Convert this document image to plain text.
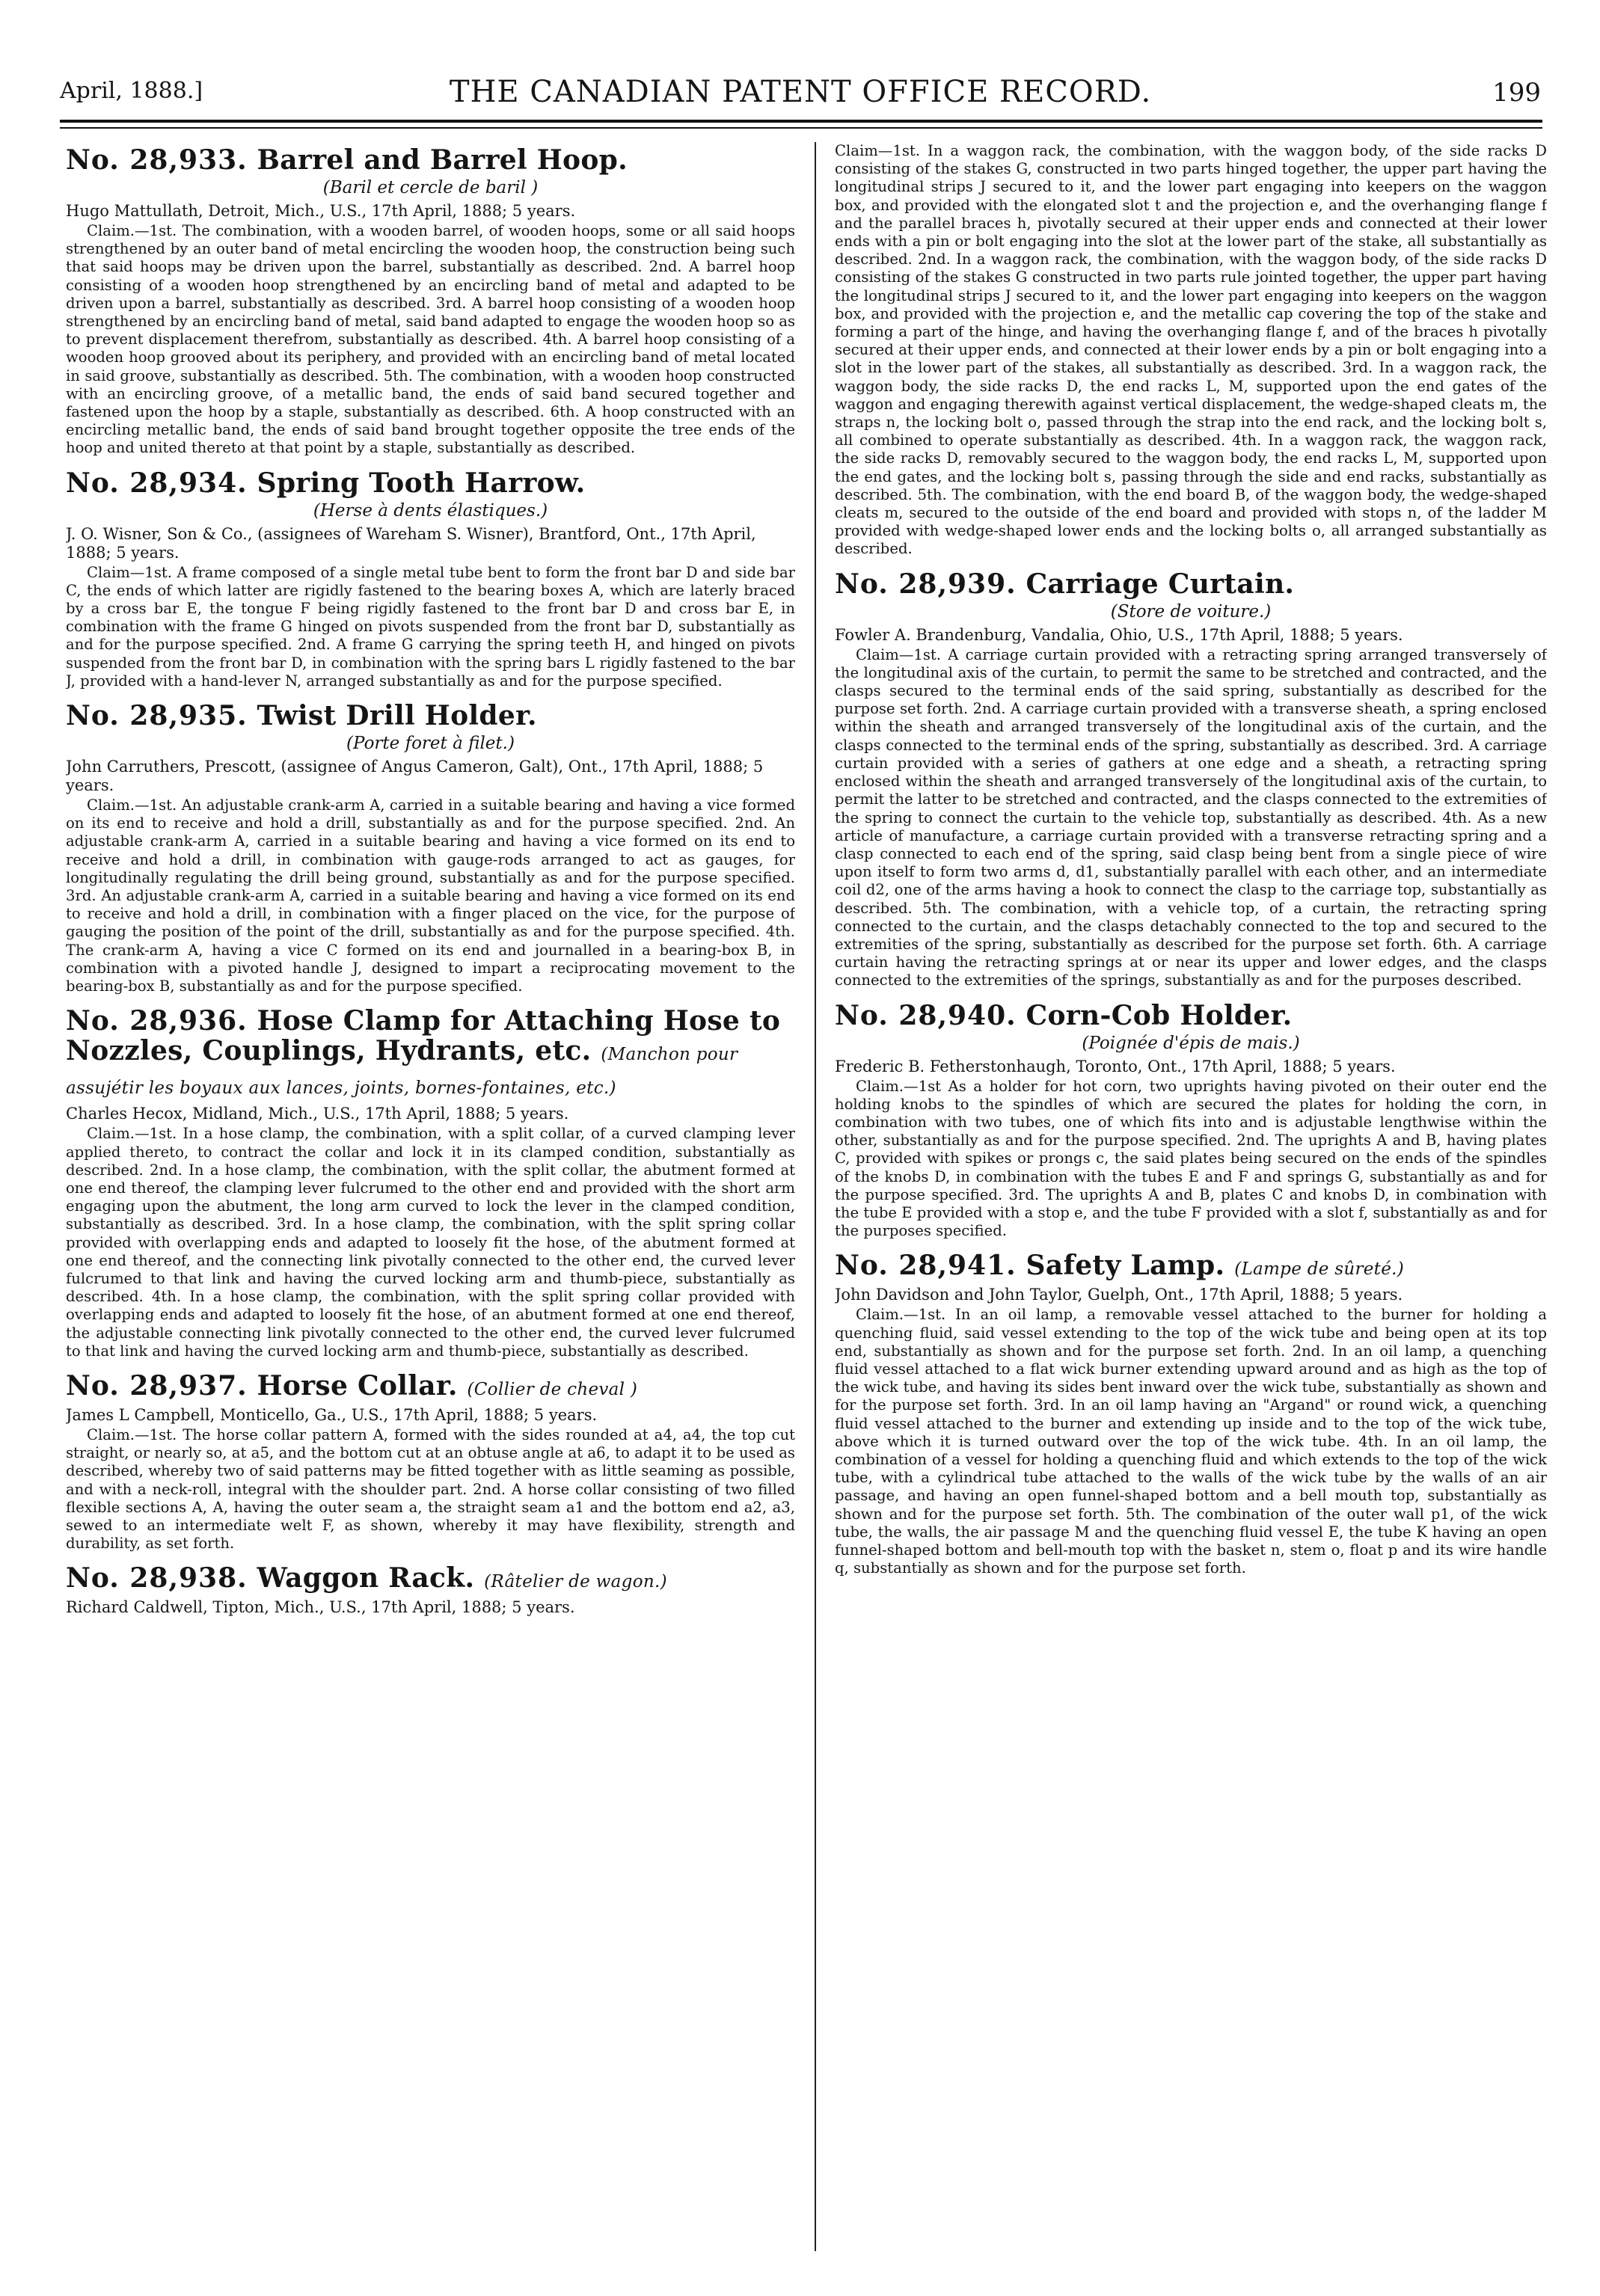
April, 1888.]	THE CANADIAN PATENT OFFICE RECORD.	199
No. 28,933. Barrel and Barrel Hoop.
(Baril et cercle de baril )
Hugo Mattullath, Detroit, Mich., U.S., 17th April, 1888; 5 years.

Claim.—1st. The combination, with a wooden barrel, of wooden hoops, some or all said hoops strengthened by an outer band of metal encircling the wooden hoop, the construction being such that said hoops may be driven upon the barrel, substantially as described. 2nd. A barrel hoop consisting of a wooden hoop strengthened by an encircling band of metal and adapted to be driven upon a barrel, substantially as described. 3rd. A barrel hoop consisting of a wooden hoop strengthened by an encircling band of metal, said band adapted to engage the wooden hoop so as to prevent displacement therefrom, substantially as described. 4th. A barrel hoop consisting of a wooden hoop grooved about its periphery, and provided with an encircling band of metal located in said groove, substantially as described. 5th. The combination, with a wooden hoop constructed with an encircling groove, of a metallic band, the ends of said band secured together and fastened upon the hoop by a staple, substantially as described. 6th. A hoop constructed with an encircling metallic band, the ends of said band brought together opposite the tree ends of the hoop and united thereto at that point by a staple, substantially as described.

No. 28,934. Spring Tooth Harrow.
(Herse à dents élastiques.)
J. O. Wisner, Son & Co., (assignees of Wareham S. Wisner), Brantford, Ont., 17th April, 1888; 5 years.

Claim—1st. A frame composed of a single metal tube bent to form the front bar D and side bar C, the ends of which latter are rigidly fastened to the bearing boxes A, which are laterly braced by a cross bar E, the tongue F being rigidly fastened to the front bar D and cross bar E, in combination with the frame G hinged on pivots suspended from the front bar D, substantially as and for the purpose specified. 2nd. A frame G carrying the spring teeth H, and hinged on pivots suspended from the front bar D, in combination with the spring bars L rigidly fastened to the bar J, provided with a hand-lever N, arranged substantially as and for the purpose specified.

No. 28,935. Twist Drill Holder.
(Porte foret à filet.)
John Carruthers, Prescott, (assignee of Angus Cameron, Galt), Ont., 17th April, 1888; 5 years.

Claim.—1st. An adjustable crank-arm A, carried in a suitable bearing and having a vice formed on its end to receive and hold a drill, substantially as and for the purpose specified. 2nd. An adjustable crank-arm A, carried in a suitable bearing and having a vice formed on its end to receive and hold a drill, in combination with gauge-rods arranged to act as gauges, for longitudinally regulating the drill being ground, substantially as and for the purpose specified. 3rd. An adjustable crank-arm A, carried in a suitable bearing and having a vice formed on its end to receive and hold a drill, in combination with a finger placed on the vice, for the purpose of gauging the position of the point of the drill, substantially as and for the purpose specified. 4th. The crank-arm A, having a vice C formed on its end and journalled in a bearing-box B, in combination with a pivoted handle J, designed to impart a reciprocating movement to the bearing-box B, substantially as and for the purpose specified.

No. 28,936. Hose Clamp for Attaching Hose to Nozzles, Couplings, Hydrants, etc. (Manchon pour assujétir les boyaux aux lances, joints, bornes-fontaines, etc.)
Charles Hecox, Midland, Mich., U.S., 17th April, 1888; 5 years.

Claim.—1st. In a hose clamp, the combination, with a split collar, of a curved clamping lever applied thereto, to contract the collar and lock it in its clamped condition, substantially as described. 2nd. In a hose clamp, the combination, with the split collar, the abutment formed at one end thereof, the clamping lever fulcrumed to the other end and provided with the short arm engaging upon the abutment, the long arm curved to lock the lever in the clamped condition, substantially as described. 3rd. In a hose clamp, the combination, with the split spring collar provided with overlapping ends and adapted to loosely fit the hose, of the abutment formed at one end thereof, and the connecting link pivotally connected to the other end, the curved lever fulcrumed to that link and having the curved locking arm and thumb-piece, substantially as described. 4th. In a hose clamp, the combination, with the split spring collar provided with overlapping ends and adapted to loosely fit the hose, of an abutment formed at one end thereof, the adjustable connecting link pivotally connected to the other end, the curved lever fulcrumed to that link and having the curved locking arm and thumb-piece, substantially as described.

No. 28,937. Horse Collar. (Collier de cheval )
James L Campbell, Monticello, Ga., U.S., 17th April, 1888; 5 years.

Claim.—1st. The horse collar pattern A, formed with the sides rounded at a4, a4, the top cut straight, or nearly so, at a5, and the bottom cut at an obtuse angle at a6, to adapt it to be used as described, whereby two of said patterns may be fitted together with as little seaming as possible, and with a neck-roll, integral with the shoulder part. 2nd. A horse collar consisting of two filled flexible sections A, A, having the outer seam a, the straight seam a1 and the bottom end a2, a3, sewed to an intermediate welt F, as shown, whereby it may have flexibility, strength and durability, as set forth.

No. 28,938. Waggon Rack. (Râtelier de wagon.)
Richard Caldwell, Tipton, Mich., U.S., 17th April, 1888; 5 years.

Claim—1st. In a waggon rack, the combination, with the waggon body, of the side racks D consisting of the stakes G, constructed in two parts hinged together, the upper part having the longitudinal strips J secured to it, and the lower part engaging into keepers on the waggon box, and provided with the elongated slot t and the projection e, and the overhanging flange f and the parallel braces h, pivotally secured at their upper ends and connected at their lower ends with a pin or bolt engaging into the slot at the lower part of the stake, all substantially as described. 2nd. In a waggon rack, the combination, with the waggon body, of the side racks D consisting of the stakes G constructed in two parts rule jointed together, the upper part having the longitudinal strips J secured to it, and the lower part engaging into keepers on the waggon box, and provided with the projection e, and the metallic cap covering the top of the stake and forming a part of the hinge, and having the overhanging flange f, and of the braces h pivotally secured at their upper ends, and connected at their lower ends by a pin or bolt engaging into a slot in the lower part of the stakes, all substantially as described. 3rd. In a waggon rack, the waggon body, the side racks D, the end racks L, M, supported upon the end gates of the waggon and engaging therewith against vertical displacement, the wedge-shaped cleats m, the straps n, the locking bolt o, passed through the strap into the end rack, and the locking bolt s, all combined to operate substantially as described. 4th. In a waggon rack, the waggon rack, the side racks D, removably secured to the waggon body, the end racks L, M, supported upon the end gates, and the locking bolt s, passing through the side and end racks, substantially as described. 5th. The combination, with the end board B, of the waggon body, the wedge-shaped cleats m, secured to the outside of the end board and provided with stops n, of the ladder M provided with wedge-shaped lower ends and the locking bolts o, all arranged substantially as described.

No. 28,939. Carriage Curtain.
(Store de voiture.)
Fowler A. Brandenburg, Vandalia, Ohio, U.S., 17th April, 1888; 5 years.

Claim—1st. A carriage curtain provided with a retracting spring arranged transversely of the longitudinal axis of the curtain, to permit the same to be stretched and contracted, and the clasps secured to the terminal ends of the said spring, substantially as described for the purpose set forth. 2nd. A carriage curtain provided with a transverse sheath, a spring enclosed within the sheath and arranged transversely of the longitudinal axis of the curtain, and the clasps connected to the terminal ends of the spring, substantially as described. 3rd. A carriage curtain provided with a series of gathers at one edge and a sheath, a retracting spring enclosed within the sheath and arranged transversely of the longitudinal axis of the curtain, to permit the latter to be stretched and contracted, and the clasps connected to the extremities of the spring to connect the curtain to the vehicle top, substantially as described. 4th. As a new article of manufacture, a carriage curtain provided with a transverse retracting spring and a clasp connected to each end of the spring, said clasp being bent from a single piece of wire upon itself to form two arms d, d1, substantially parallel with each other, and an intermediate coil d2, one of the arms having a hook to connect the clasp to the carriage top, substantially as described. 5th. The combination, with a vehicle top, of a curtain, the retracting spring connected to the curtain, and the clasps detachably connected to the top and secured to the extremities of the spring, substantially as described for the purpose set forth. 6th. A carriage curtain having the retracting springs at or near its upper and lower edges, and the clasps connected to the extremities of the springs, substantially as and for the purposes described.

No. 28,940. Corn-Cob Holder.
(Poignée d'épis de mais.)
Frederic B. Fetherstonhaugh, Toronto, Ont., 17th April, 1888; 5 years.

Claim.—1st As a holder for hot corn, two uprights having pivoted on their outer end the holding knobs to the spindles of which are secured the plates for holding the corn, in combination with two tubes, one of which fits into and is adjustable lengthwise within the other, substantially as and for the purpose specified. 2nd. The uprights A and B, having plates C, provided with spikes or prongs c, the said plates being secured on the ends of the spindles of the knobs D, in combination with the tubes E and F and springs G, substantially as and for the purpose specified. 3rd. The uprights A and B, plates C and knobs D, in combination with the tube E provided with a stop e, and the tube F provided with a slot f, substantially as and for the purposes specified.

No. 28,941. Safety Lamp. (Lampe de sûreté.)
John Davidson and John Taylor, Guelph, Ont., 17th April, 1888; 5 years.

Claim.—1st. In an oil lamp, a removable vessel attached to the burner for holding a quenching fluid, said vessel extending to the top of the wick tube and being open at its top end, substantially as shown and for the purpose set forth. 2nd. In an oil lamp, a quenching fluid vessel attached to a flat wick burner extending upward around and as high as the top of the wick tube, and having its sides bent inward over the wick tube, substantially as shown and for the purpose set forth. 3rd. In an oil lamp having an "Argand" or round wick, a quenching fluid vessel attached to the burner and extending up inside and to the top of the wick tube, above which it is turned outward over the top of the wick tube. 4th. In an oil lamp, the combination of a vessel for holding a quenching fluid and which extends to the top of the wick tube, with a cylindrical tube attached to the walls of the wick tube by the walls of an air passage, and having an open funnel-shaped bottom and a bell mouth top, substantially as shown and for the purpose set forth. 5th. The combination of the outer wall p1, of the wick tube, the walls, the air passage M and the quenching fluid vessel E, the tube K having an open funnel-shaped bottom and bell-mouth top with the basket n, stem o, float p and its wire handle q, substantially as shown and for the purpose set forth.
